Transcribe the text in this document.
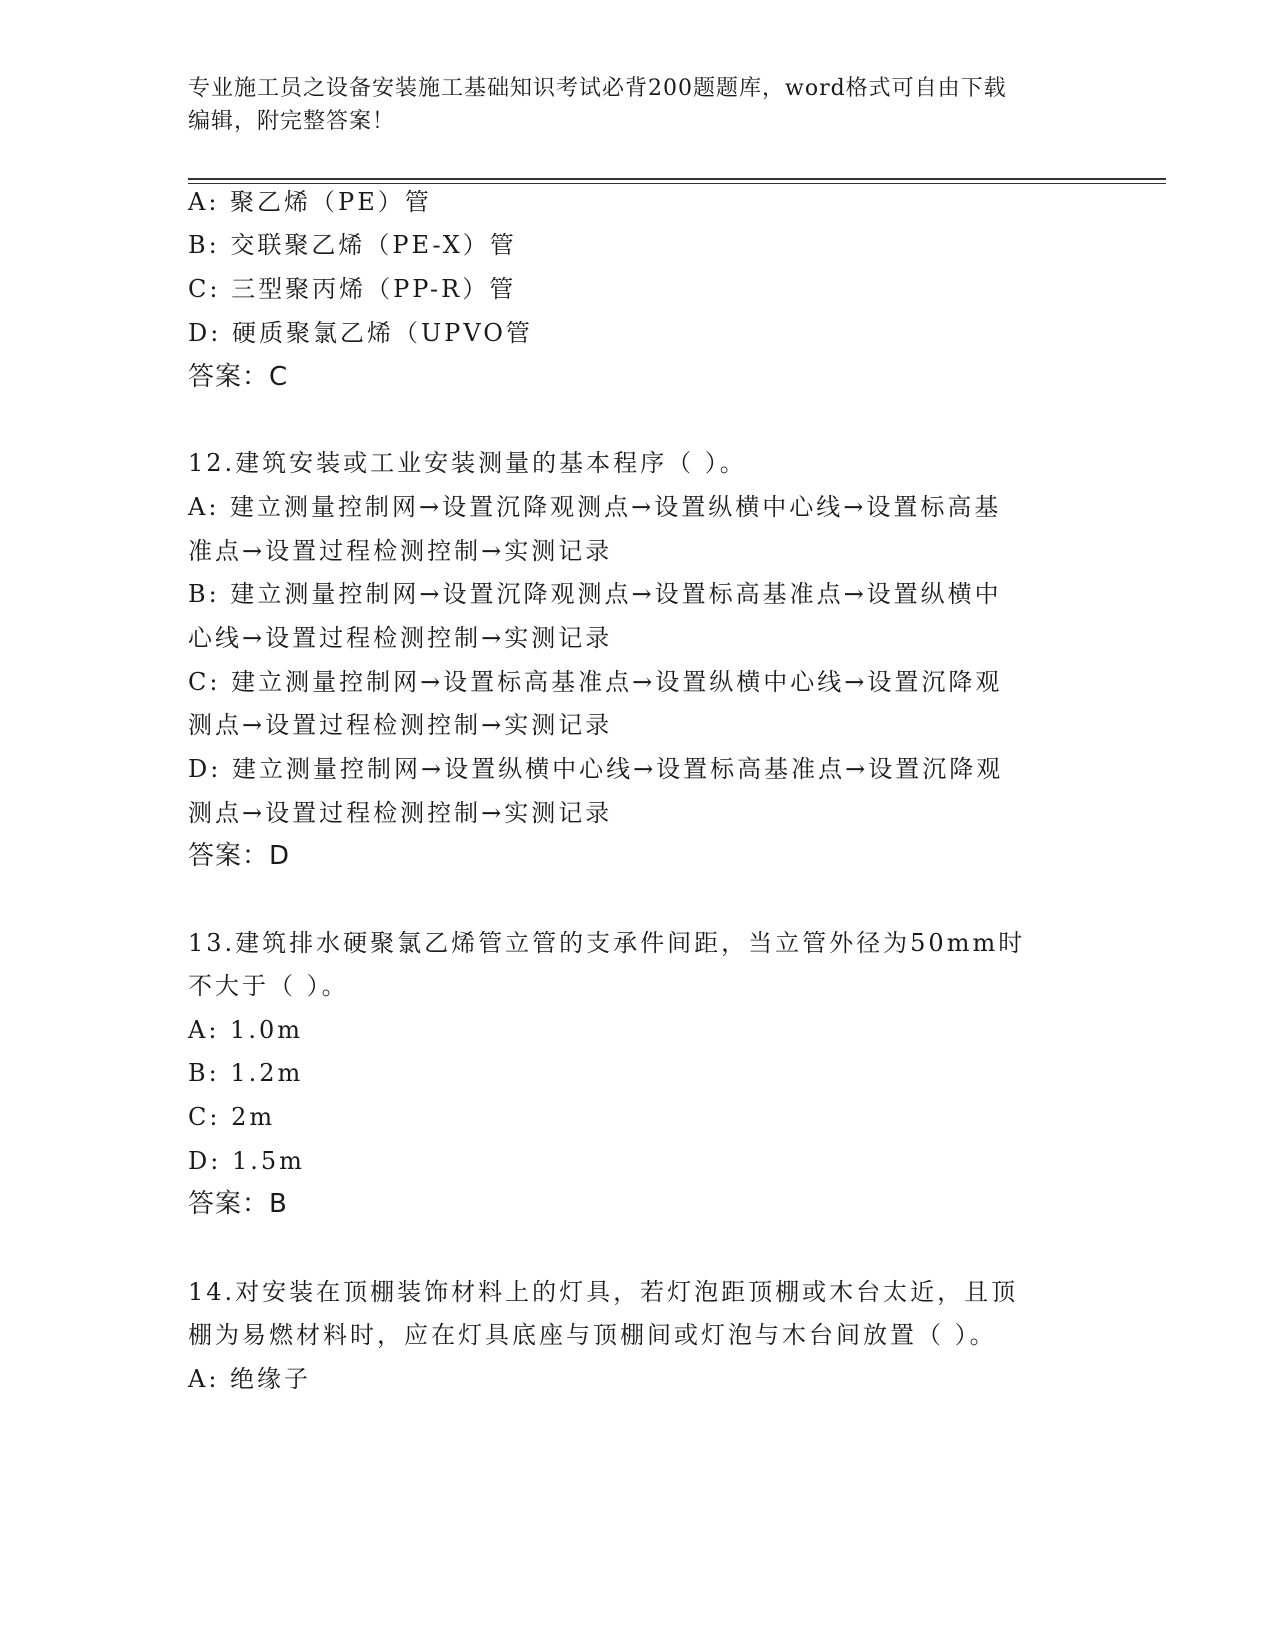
专业施工员之设备安装施工基础知识考试必背200题题库，word格式可自由下载
编辑，附完整答案！
A: 聚乙烯（PE）管
B: 交联聚乙烯（PE-X）管
C: 三型聚丙烯（PP-R）管
D: 硬质聚氯乙烯（UPVO管
答案：C
12.建筑安装或工业安装测量的基本程序（ ）。
A: 建立测量控制网→设置沉降观测点→设置纵横中心线→设置标高基
准点→设置过程检测控制→实测记录
B: 建立测量控制网→设置沉降观测点→设置标高基准点→设置纵横中
心线→设置过程检测控制→实测记录
C: 建立测量控制网→设置标高基准点→设置纵横中心线→设置沉降观
测点→设置过程检测控制→实测记录
D: 建立测量控制网→设置纵横中心线→设置标高基准点→设置沉降观
测点→设置过程检测控制→实测记录
答案：D
13.建筑排水硬聚氯乙烯管立管的支承件间距，当立管外径为50mm时
不大于（ ）。
A: 1.0m
B: 1.2m
C: 2m
D: 1.5m
答案：B
14.对安装在顶棚装饰材料上的灯具，若灯泡距顶棚或木台太近，且顶
棚为易燃材料时，应在灯具底座与顶棚间或灯泡与木台间放置（ ）。
A: 绝缘子
